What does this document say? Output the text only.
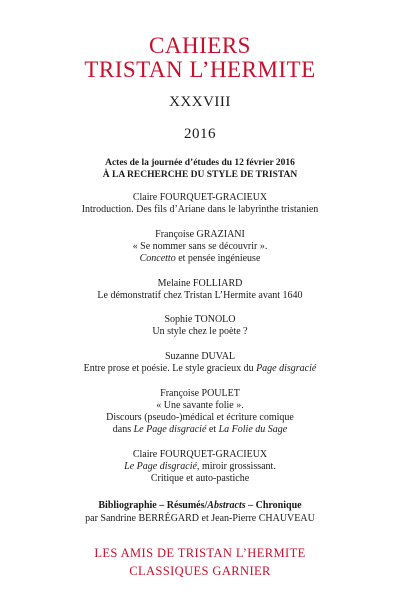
CAHIERS
TRISTAN L’HERMITE
XXXVIII
2016
Actes de la journée d’études du 12 février 2016
À LA RECHERCHE DU STYLE DE TRISTAN
Claire FOURQUET-GRACIEUX
Introduction. Des fils d’Ariane dans le labyrinthe tristanien
Françoise GRAZIANI
« Se nommer sans se découvrir ».
Concetto et pensée ingénieuse
Melaine FOLLIARD
Le démonstratif chez Tristan L’Hermite avant 1640
Sophie TONOLO
Un style chez le poète ?
Suzanne DUVAL
Entre prose et poésie. Le style gracieux du Page disgracié
Françoise POULET
« Une savante folie ».
Discours (pseudo-)médical et écriture comique
dans Le Page disgracié et La Folie du Sage
Claire FOURQUET-GRACIEUX
Le Page disgracié, miroir grossissant.
Critique et auto-pastiche
Bibliographie – Résumés/Abstracts – Chronique
par Sandrine BERRÉGARD et Jean-Pierre CHAUVEAU
LES AMIS DE TRISTAN L’HERMITE
CLASSIQUES GARNIER
